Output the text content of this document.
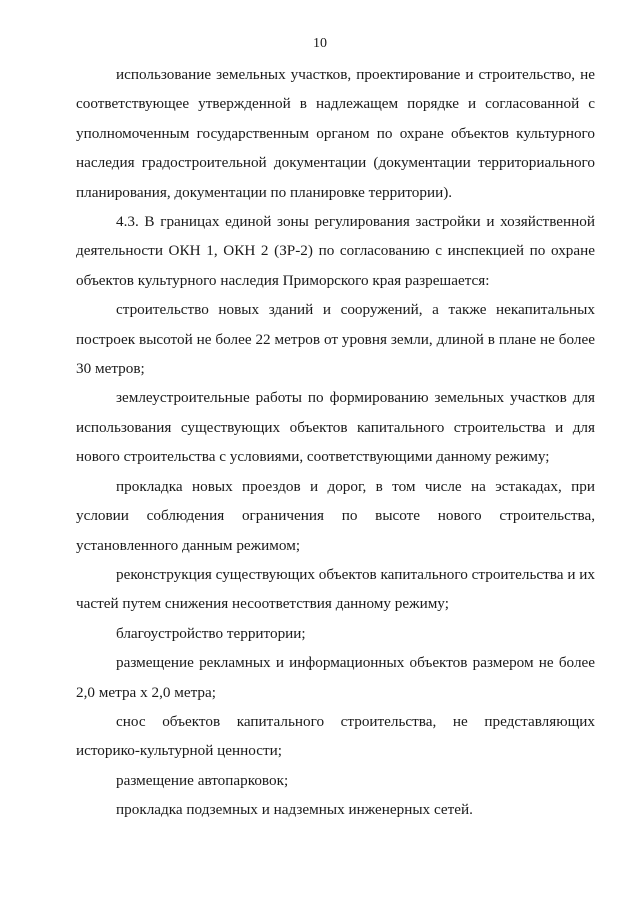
10

использование земельных участков, проектирование и строительство, не соответствующее утвержденной в надлежащем порядке и согласованной с уполномоченным государственным органом по охране объектов культурного наследия градостроительной документации (документации территориального планирования, документации по планировке территории).

4.3. В границах единой зоны регулирования застройки и хозяйственной деятельности ОКН 1, ОКН 2 (ЗР-2) по согласованию с инспекцией по охране объектов культурного наследия Приморского края разрешается:

строительство новых зданий и сооружений, а также некапитальных построек высотой не более 22 метров от уровня земли, длиной в плане не более 30 метров;

землеустроительные работы по формированию земельных участков для использования существующих объектов капитального строительства и для нового строительства с условиями, соответствующими данному режиму;

прокладка новых проездов и дорог, в том числе на эстакадах, при условии соблюдения ограничения по высоте нового строительства, установленного данным режимом;

реконструкция существующих объектов капитального строительства и их частей путем снижения несоответствия данному режиму;

благоустройство территории;

размещение рекламных и информационных объектов размером не более 2,0 метра х 2,0 метра;

снос объектов капитального строительства, не представляющих историко-культурной ценности;

размещение автопарковок;

прокладка подземных и надземных инженерных сетей.
